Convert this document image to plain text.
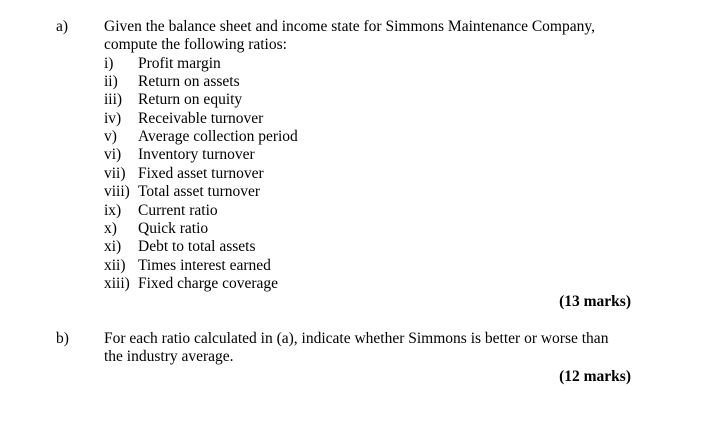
a) Given the balance sheet and income state for Simmons Maintenance Company,
compute the following ratios:
i) Profit margin
ii) Return on assets
iii) Return on equity
iv) Receivable turnover
v) Average collection period
vi) Inventory turnover
vii) Fixed asset turnover
viii) Total asset turnover
ix) Current ratio
x) Quick ratio
xi) Debt to total assets
xii) Times interest earned
xiii) Fixed charge coverage
(13 marks)
b) For each ratio calculated in (a), indicate whether Simmons is better or worse than
the industry average.
(12 marks)
